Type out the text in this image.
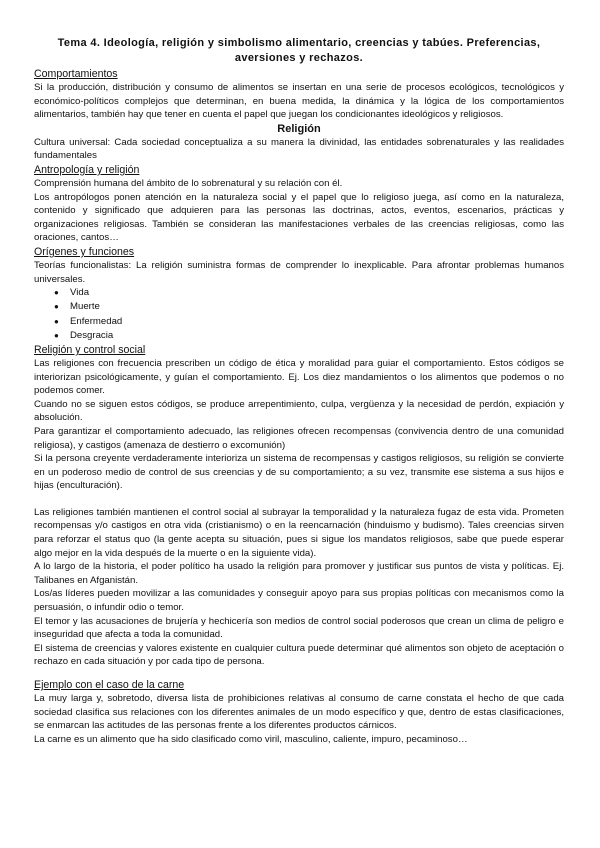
Tema 4. Ideología, religión y simbolismo alimentario, creencias y tabúes. Preferencias, aversiones y rechazos.
Comportamientos

Si la producción, distribución y consumo de alimentos se insertan en una serie de procesos ecológicos, tecnológicos y económico-políticos complejos que determinan, en buena medida, la dinámica y la lógica de los comportamientos alimentarios, también hay que tener en cuenta el papel que juegan los condicionantes ideológicos y religiosos.

Religión

Cultura universal: Cada sociedad conceptualiza a su manera la divinidad, las entidades sobrenaturales y las realidades fundamentales

Antropología y religión

Comprensión humana del ámbito de lo sobrenatural y su relación con él.

Los antropólogos ponen atención en la naturaleza social y el papel que lo religioso juega, así como en la naturaleza, contenido y significado que adquieren para las personas las doctrinas, actos, eventos, escenarios, prácticas y organizaciones religiosas. También se consideran las manifestaciones verbales de las creencias religiosas, como las oraciones, cantos…

Orígenes y funciones

Teorías funcionalistas: La religión suministra formas de comprender lo inexplicable. Para afrontar problemas humanos universales.

● Vida
● Muerte
● Enfermedad
● Desgracia
Religión y control social

Las religiones con frecuencia prescriben un código de ética y moralidad para guiar el comportamiento. Estos códigos se interiorizan psicológicamente, y guían el comportamiento. Ej. Los diez mandamientos o los alimentos que podemos o no podemos comer.

Cuando no se siguen estos códigos, se produce arrepentimiento, culpa, vergüenza y la necesidad de perdón, expiación y absolución.

Para garantizar el comportamiento adecuado, las religiones ofrecen recompensas (convivencia dentro de una comunidad religiosa), y castigos (amenaza de destierro o excomunión)

Si la persona creyente verdaderamente interioriza un sistema de recompensas y castigos religiosos, su religión se convierte en un poderoso medio de control de sus creencias y de su comportamiento; a su vez, transmite ese sistema a sus hijos e hijas (enculturación).

Las religiones también mantienen el control social al subrayar la temporalidad y la naturaleza fugaz de esta vida. Prometen recompensas y/o castigos en otra vida (cristianismo) o en la reencarnación (hinduismo y budismo). Tales creencias sirven para reforzar el status quo (la gente acepta su situación, pues si sigue los mandatos religiosos, sabe que puede esperar algo mejor en la vida después de la muerte o en la siguiente vida).

A lo largo de la historia, el poder político ha usado la religión para promover y justificar sus puntos de vista y políticas. Ej. Talibanes en Afganistán.

Los/as líderes pueden movilizar a las comunidades y conseguir apoyo para sus propias políticas con mecanismos como la persuasión, o infundir odio o temor.

El temor y las acusaciones de brujería y hechicería son medios de control social poderosos que crean un clima de peligro e inseguridad que afecta a toda la comunidad.

El sistema de creencias y valores existente en cualquier cultura puede determinar qué alimentos son objeto de aceptación o rechazo en cada situación y por cada tipo de persona.

Ejemplo con el caso de la carne

La muy larga y, sobretodo, diversa lista de prohibiciones relativas al consumo de carne constata el hecho de que cada sociedad clasifica sus relaciones con los diferentes animales de un modo específico y que, dentro de estas clasificaciones, se enmarcan las actitudes de las personas frente a los diferentes productos cárnicos.

La carne es un alimento que ha sido clasificado como viril, masculino, caliente, impuro, pecaminoso…
